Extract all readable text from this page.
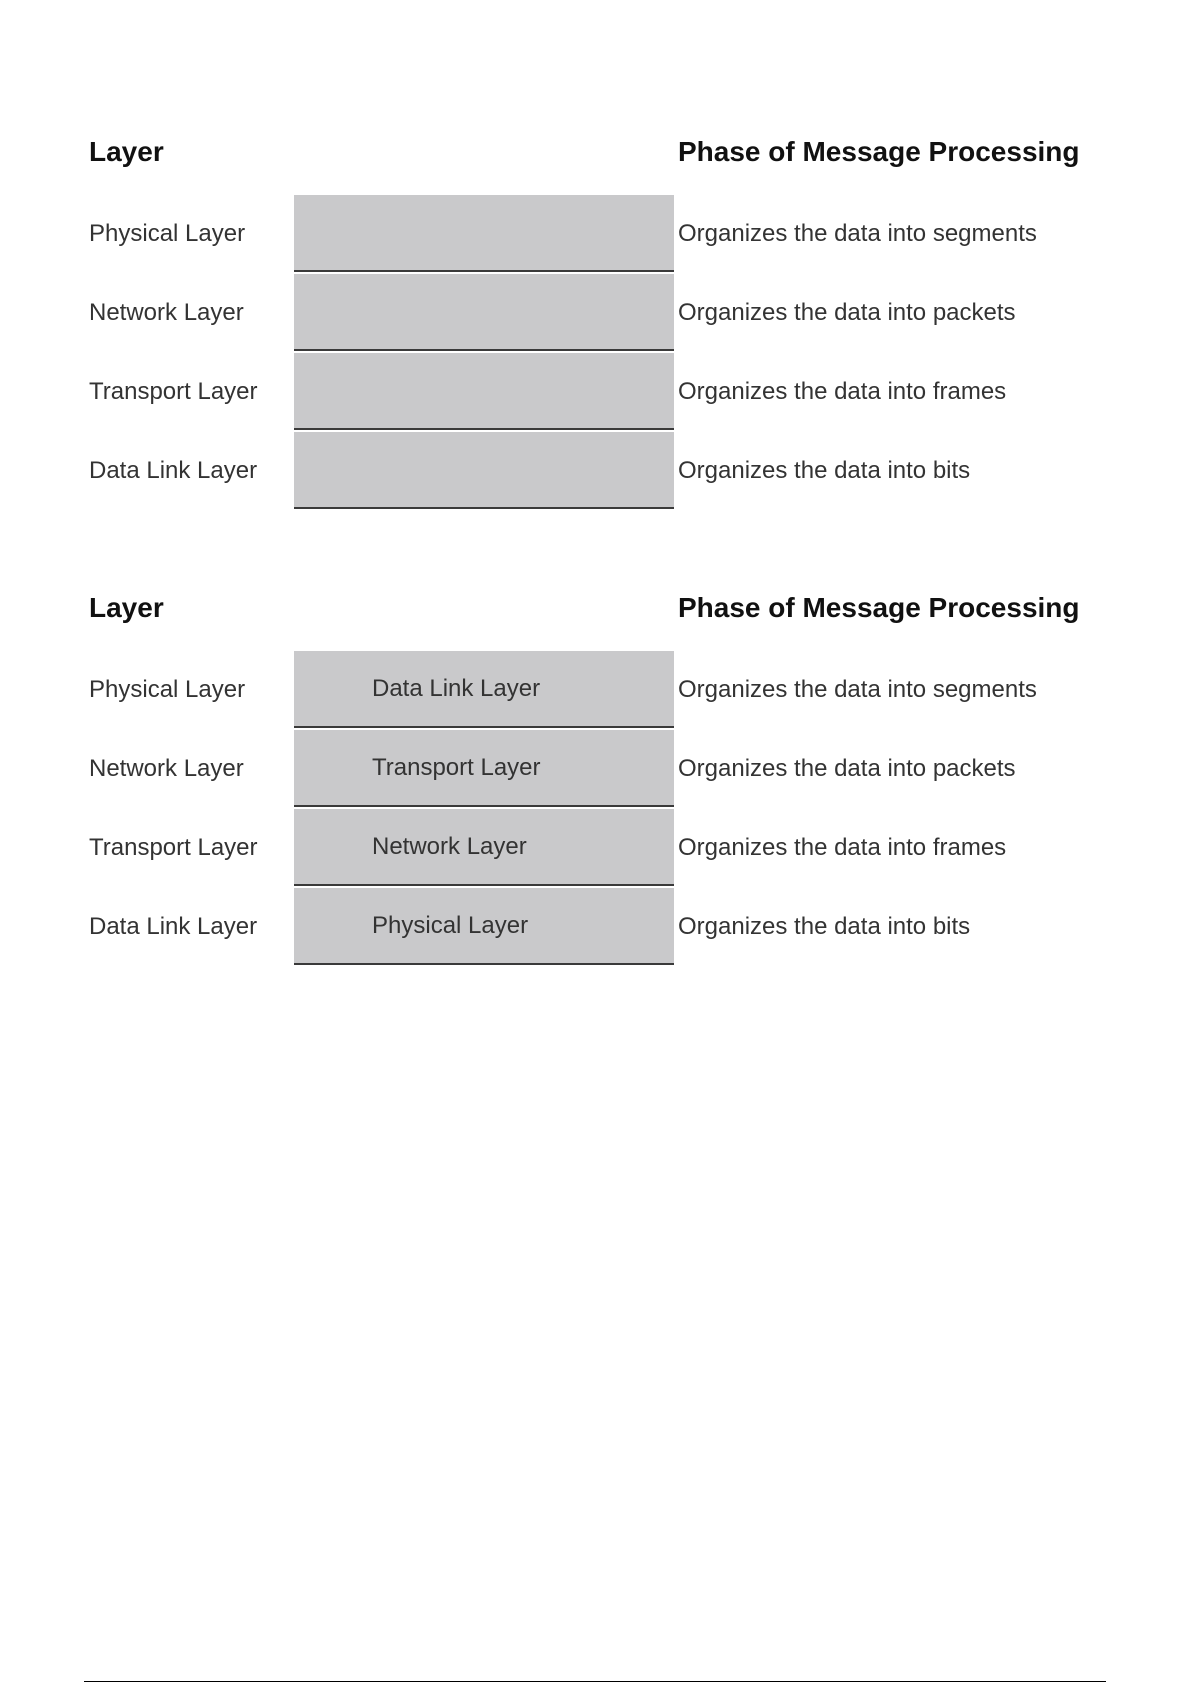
Layer	Phase of Message Processing
Physical Layer	Organizes the data into segments
Network Layer	Organizes the data into packets
Transport Layer	Organizes the data into frames
Data Link Layer	Organizes the data into bits
Layer	Phase of Message Processing
Physical Layer	Data Link Layer	Organizes the data into segments
Network Layer	Transport Layer	Organizes the data into packets
Transport Layer	Network Layer	Organizes the data into frames
Data Link Layer	Physical Layer	Organizes the data into bits
